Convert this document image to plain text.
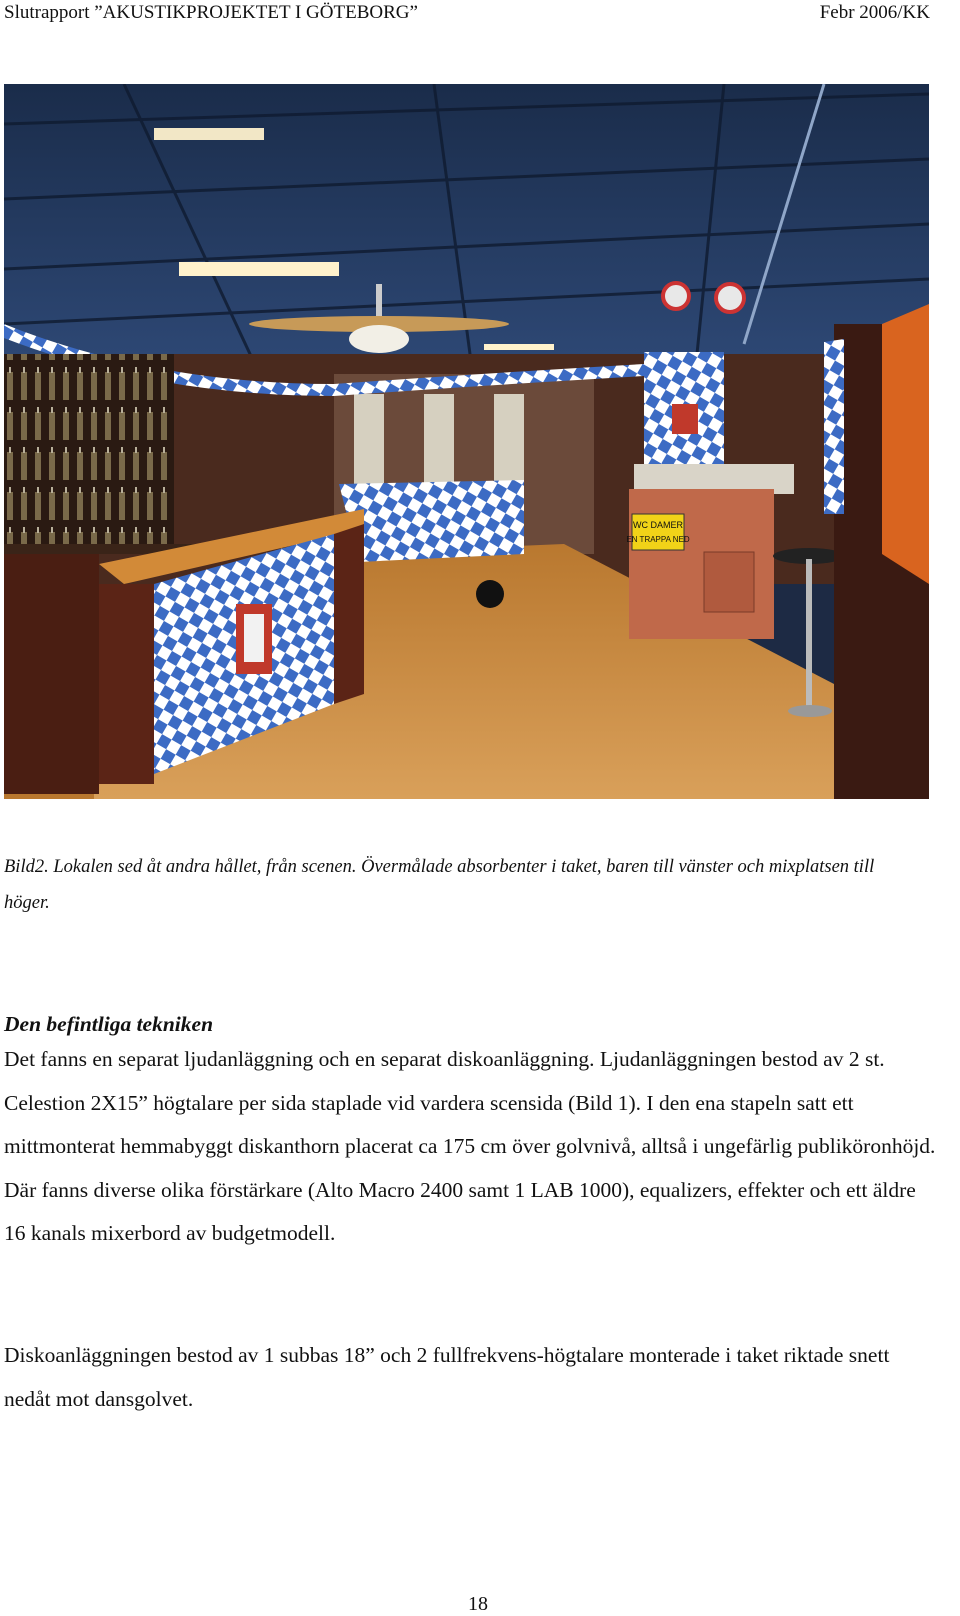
Slutrapport ”AKUSTIKPROJEKTET I GÖTEBORG”	Febr 2006/KK
WC DAMER
EN TRAPPA NED
Bild2. Lokalen sed åt andra hållet, från scenen. Övermålade absorbenter i taket, baren till vänster och mixplatsen till höger.

Den befintliga tekniken

Det fanns en separat ljudanläggning och en separat diskoanläggning. Ljudanläggningen bestod av 2 st. Celestion 2X15” högtalare per sida staplade vid vardera scensida (Bild 1). I den ena stapeln satt ett mittmonterat hemmabyggt diskanthorn placerat ca 175 cm över golvnivå, alltså i ungefärlig publiköronhöjd. Där fanns diverse olika förstärkare (Alto Macro 2400 samt 1 LAB 1000), equalizers, effekter och ett äldre 16 kanals mixerbord av budgetmodell.

Diskoanläggningen bestod av 1 subbas 18” och 2 fullfrekvens-högtalare monterade i taket riktade snett nedåt mot dansgolvet.

18
